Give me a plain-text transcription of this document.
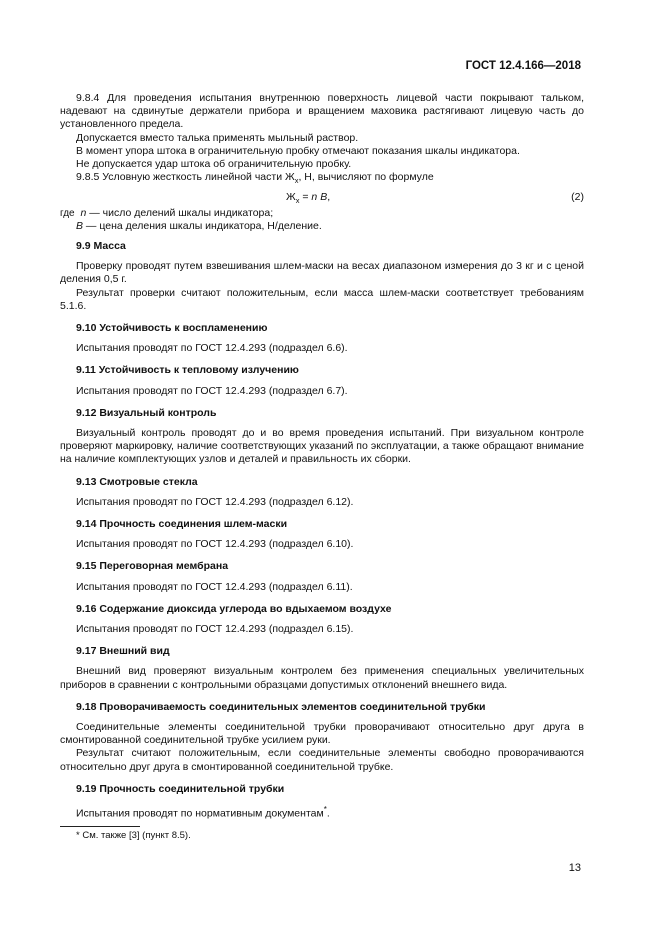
ГОСТ 12.4.166—2018

9.8.4 Для проведения испытания внутреннюю поверхность лицевой части покрывают тальком, надевают на сдвинутые держатели прибора и вращением маховика растягивают лицевую часть до установленного предела.

Допускается вместо талька применять мыльный раствор.

В момент упора штока в ограничительную пробку отмечают показания шкалы индикатора.

Не допускается удар штока об ограничительную пробку.

9.8.5 Условную жесткость линейной части $Ж_х$, Н, вычисляют по формуле

$Ж_х = n$ B,	(2)

где n — число делений шкалы индикатора;

B — цена деления шкалы индикатора, Н/деление.

9.9 Масса

Проверку проводят путем взвешивания шлем-маски на весах диапазоном измерения до 3 кг и с ценой деления 0,5 г.

Результат проверки считают положительным, если масса шлем-маски соответствует требованиям 5.1.6.

9.10 Устойчивость к воспламенению

Испытания проводят по ГОСТ 12.4.293 (подраздел 6.6).

9.11 Устойчивость к тепловому излучению

Испытания проводят по ГОСТ 12.4.293 (подраздел 6.7).

9.12 Визуальный контроль

Визуальный контроль проводят до и во время проведения испытаний. При визуальном контроле проверяют маркировку, наличие соответствующих указаний по эксплуатации, а также обращают внимание на наличие комплектующих узлов и деталей и правильность их сборки.

9.13 Смотровые стекла

Испытания проводят по ГОСТ 12.4.293 (подраздел 6.12).

9.14 Прочность соединения шлем-маски

Испытания проводят по ГОСТ 12.4.293 (подраздел 6.10).

9.15 Переговорная мембрана

Испытания проводят по ГОСТ 12.4.293 (подраздел 6.11).

9.16 Содержание диоксида углерода во вдыхаемом воздухе

Испытания проводят по ГОСТ 12.4.293 (подраздел 6.15).

9.17 Внешний вид

Внешний вид проверяют визуальным контролем без применения специальных увеличительных приборов в сравнении с контрольными образцами допустимых отклонений внешнего вида.

9.18 Проворачиваемость соединительных элементов соединительной трубки

Соединительные элементы соединительной трубки проворачивают относительно друг друга в смонтированной соединительной трубке усилием руки.

Результат считают положительным, если соединительные элементы свободно проворачиваются относительно друг друга в смонтированной соединительной трубке.

9.19 Прочность соединительной трубки

Испытания проводят по нормативным документам*.

* См. также [3] (пункт 8.5).
13
